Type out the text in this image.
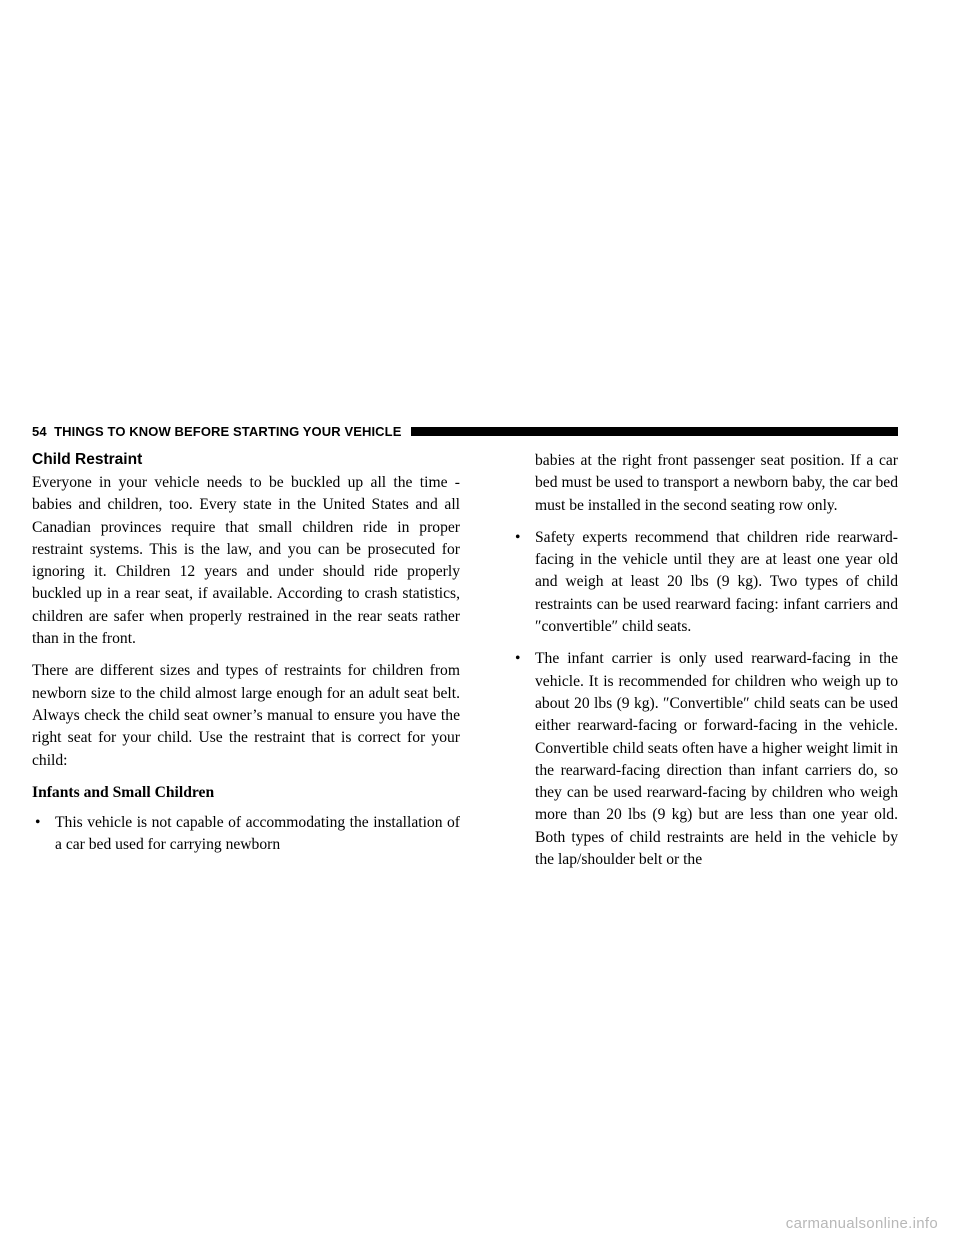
54 THINGS TO KNOW BEFORE STARTING YOUR VEHICLE
Child Restraint

Everyone in your vehicle needs to be buckled up all the time - babies and children, too. Every state in the United States and all Canadian provinces require that small children ride in proper restraint systems. This is the law, and you can be prosecuted for ignoring it. Children 12 years and under should ride properly buckled up in a rear seat, if available. According to crash statistics, children are safer when properly restrained in the rear seats rather than in the front.

There are different sizes and types of restraints for children from newborn size to the child almost large enough for an adult seat belt. Always check the child seat owner’s manual to ensure you have the right seat for your child. Use the restraint that is correct for your child:

Infants and Small Children
• This vehicle is not capable of accommodating the installation of a car bed used for carrying newborn
babies at the right front passenger seat position. If a car bed must be used to transport a newborn baby, the car bed must be installed in the second seating row only.
• Safety experts recommend that children ride rearward-facing in the vehicle until they are at least one year old and weigh at least 20 lbs (9 kg). Two types of child restraints can be used rearward facing: infant carriers and ″convertible″ child seats.
• The infant carrier is only used rearward-facing in the vehicle. It is recommended for children who weigh up to about 20 lbs (9 kg). ″Convertible″ child seats can be used either rearward-facing or forward-facing in the vehicle. Convertible child seats often have a higher weight limit in the rearward-facing direction than infant carriers do, so they can be used rearward-facing by children who weigh more than 20 lbs (9 kg) but are less than one year old. Both types of child restraints are held in the vehicle by the lap/shoulder belt or the
carmanualsonline.info
